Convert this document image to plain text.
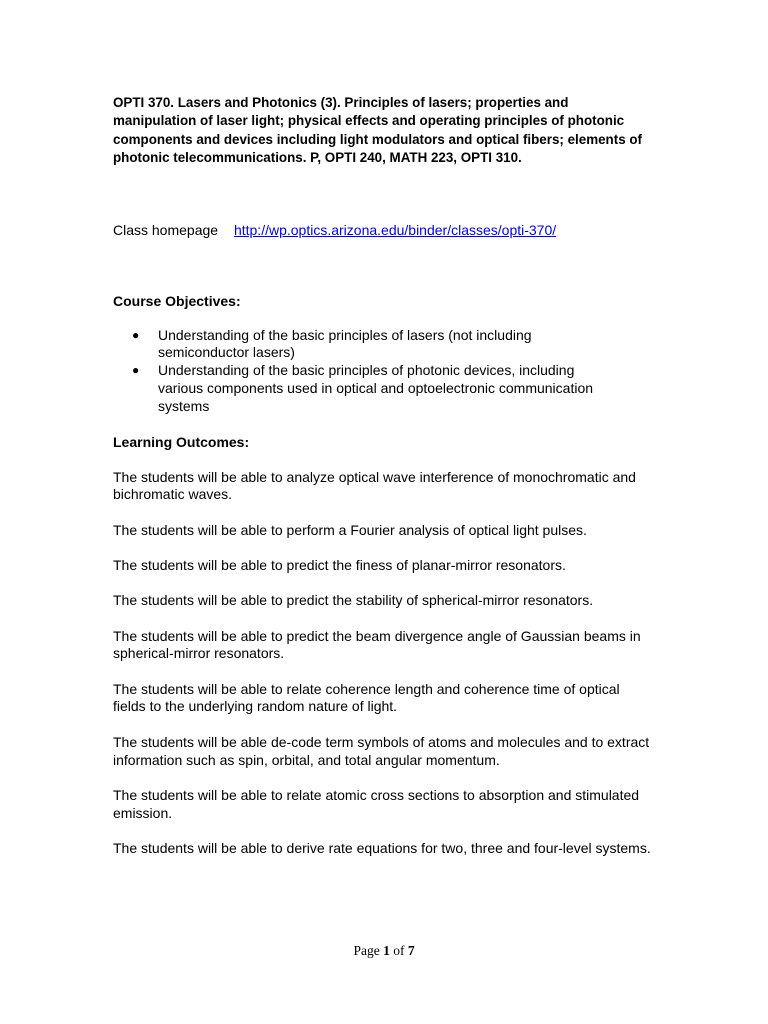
OPTI 370. Lasers and Photonics (3). Principles of lasers; properties and manipulation of laser light; physical effects and operating principles of photonic components and devices including light modulators and optical fibers; elements of photonic telecommunications. P, OPTI 240, MATH 223, OPTI 310.

Class homepage http://wp.optics.arizona.edu/binder/classes/opti-370/

Course Objectives:

● Understanding of the basic principles of lasers (not including semiconductor lasers)
● Understanding of the basic principles of photonic devices, including various components used in optical and optoelectronic communication systems

Learning Outcomes:

The students will be able to analyze optical wave interference of monochromatic and bichromatic waves.

The students will be able to perform a Fourier analysis of optical light pulses.

The students will be able to predict the finess of planar-mirror resonators.

The students will be able to predict the stability of spherical-mirror resonators.

The students will be able to predict the beam divergence angle of Gaussian beams in spherical-mirror resonators.

The students will be able to relate coherence length and coherence time of optical fields to the underlying random nature of light.

The students will be able de-code term symbols of atoms and molecules and to extract information such as spin, orbital, and total angular momentum.

The students will be able to relate atomic cross sections to absorption and stimulated emission.

The students will be able to derive rate equations for two, three and four-level systems.

Page 1 of 7
